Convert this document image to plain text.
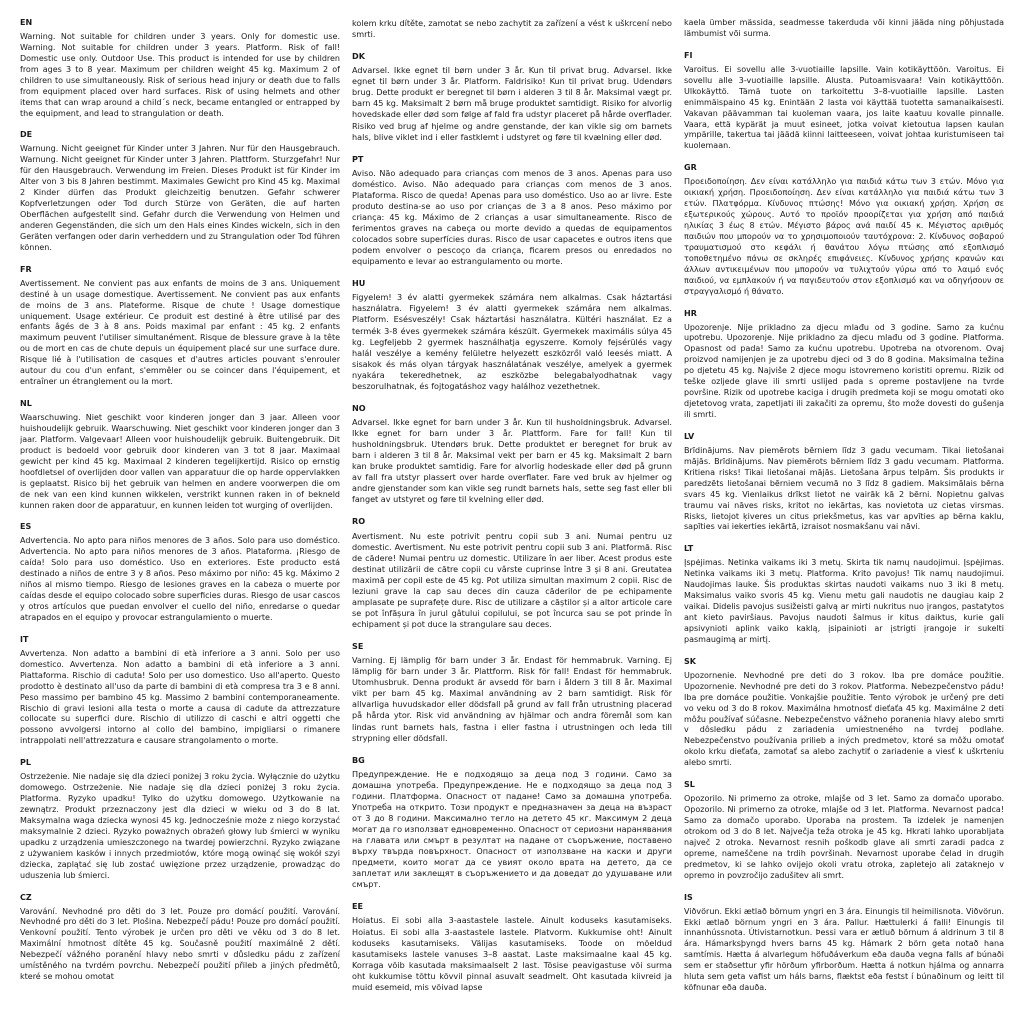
EN
Warning. Not suitable for children under 3 years. Only for domestic use. Warning. Not suitable for children under 3 years. Platform. Risk of fall! Domestic use only. Outdoor Use. This product is intended for use by children from ages 3 to 8 year. Maximum per children weight 45 kg. Maximum 2 of children to use simultaneously. Risk of serious head injury or death due to falls from equipment placed over hard surfaces. Risk of using helmets and other items that can wrap around a child´s neck, became entangled or entrapped by the equipment, and lead to strangulation or death.
DE
Warnung. Nicht geeignet für Kinder unter 3 Jahren. Nur für den Hausgebrauch. Warnung. Nicht geeignet für Kinder unter 3 Jahren. Plattform. Sturzgefahr! Nur für den Hausgebrauch. Verwendung im Freien. Dieses Produkt ist für Kinder im Alter von 3 bis 8 Jahren bestimmt. Maximales Gewicht pro Kind 45 kg. Maximal 2 Kinder dürfen das Produkt gleichzeitig benutzen. Gefahr schwerer Kopfverletzungen oder Tod durch Stürze von Geräten, die auf harten Oberflächen aufgestellt sind. Gefahr durch die Verwendung von Helmen und anderen Gegenständen, die sich um den Hals eines Kindes wickeln, sich in den Geräten verfangen oder darin verheddern und zu Strangulation oder Tod führen können.
FR
Avertissement. Ne convient pas aux enfants de moins de 3 ans. Uniquement destiné à un usage domestique. Avertissement. Ne convient pas aux enfants de moins de 3 ans. Plateforme. Risque de chute ! Usage domestique uniquement. Usage extérieur. Ce produit est destiné à être utilisé par des enfants âgés de 3 à 8 ans. Poids maximal par enfant : 45 kg. 2 enfants maximum peuvent l'utiliser simultanément. Risque de blessure grave à la tête ou de mort en cas de chute depuis un équipement placé sur une surface dure. Risque lié à l'utilisation de casques et d'autres articles pouvant s'enrouler autour du cou d'un enfant, s'emmêler ou se coincer dans l'équipement, et entraîner un étranglement ou la mort.
NL
Waarschuwing. Niet geschikt voor kinderen jonger dan 3 jaar. Alleen voor huishoudelijk gebruik. Waarschuwing. Niet geschikt voor kinderen jonger dan 3 jaar. Platform. Valgevaar! Alleen voor huishoudelijk gebruik. Buitengebruik. Dit product is bedoeld voor gebruik door kinderen van 3 tot 8 jaar. Maximaal gewicht per kind 45 kg. Maximaal 2 kinderen tegelijkertijd. Risico op ernstig hoofdletsel of overlijden door vallen van apparatuur die op harde oppervlakken is geplaatst. Risico bij het gebruik van helmen en andere voorwerpen die om de nek van een kind kunnen wikkelen, verstrikt kunnen raken in of bekneld kunnen raken door de apparatuur, en kunnen leiden tot wurging of overlijden.
ES
Advertencia. No apto para niños menores de 3 años. Solo para uso doméstico. Advertencia. No apto para niños menores de 3 años. Plataforma. ¡Riesgo de caída! Solo para uso doméstico. Uso en exteriores. Este producto está destinado a niños de entre 3 y 8 años. Peso máximo por niño: 45 kg. Máximo 2 niños al mismo tiempo. Riesgo de lesiones graves en la cabeza o muerte por caídas desde el equipo colocado sobre superficies duras. Riesgo de usar cascos y otros artículos que puedan envolver el cuello del niño, enredarse o quedar atrapados en el equipo y provocar estrangulamiento o muerte.
IT
Avvertenza. Non adatto a bambini di età inferiore a 3 anni. Solo per uso domestico. Avvertenza. Non adatto a bambini di età inferiore a 3 anni. Piattaforma. Rischio di caduta! Solo per uso domestico. Uso all'aperto. Questo prodotto è destinato all'uso da parte di bambini di età compresa tra 3 e 8 anni. Peso massimo per bambino 45 kg. Massimo 2 bambini contemporaneamente. Rischio di gravi lesioni alla testa o morte a causa di cadute da attrezzature collocate su superfici dure. Rischio di utilizzo di caschi e altri oggetti che possono avvolgersi intorno al collo del bambino, impigliarsi o rimanere intrappolati nell'attrezzatura e causare strangolamento o morte.
PL
Ostrzeżenie. Nie nadaje się dla dzieci poniżej 3 roku życia. Wyłącznie do użytku domowego. Ostrzeżenie. Nie nadaje się dla dzieci poniżej 3 roku życia. Platforma. Ryzyko upadku! Tylko do użytku domowego. Użytkowanie na zewnątrz. Produkt przeznaczony jest dla dzieci w wieku od 3 do 8 lat. Maksymalna waga dziecka wynosi 45 kg. Jednocześnie może z niego korzystać maksymalnie 2 dzieci. Ryzyko poważnych obrażeń głowy lub śmierci w wyniku upadku z urządzenia umieszczonego na twardej powierzchni. Ryzyko związane z używaniem kasków i innych przedmiotów, które mogą owinąć się wokół szyi dziecka, zaplątać się lub zostać uwięzione przez urządzenie, prowadząc do uduszenia lub śmierci.
CZ
Varování. Nevhodné pro děti do 3 let. Pouze pro domácí použití. Varování. Nevhodné pro děti do 3 let. Plošina. Nebezpečí pádu! Pouze pro domácí použití. Venkovní použití. Tento výrobek je určen pro děti ve věku od 3 do 8 let. Maximální hmotnost dítěte 45 kg. Současně použití maximálně 2 dětí. Nebezpečí vážného poranění hlavy nebo smrti v důsledku pádu z zařízení umístěného na tvrdém povrchu. Nebezpečí použití přileb a jiných předmětů, které se mohou omotat
kolem krku dítěte, zamotat se nebo zachytit za zařízení a vést k uškrcení nebo smrti.
DK
Advarsel. Ikke egnet til børn under 3 år. Kun til privat brug. Advarsel. Ikke egnet til børn under 3 år. Platform. Faldrisiko! Kun til privat brug. Udendørs brug. Dette produkt er beregnet til børn i alderen 3 til 8 år. Maksimal vægt pr. barn 45 kg. Maksimalt 2 børn må bruge produktet samtidigt. Risiko for alvorlig hovedskade eller død som følge af fald fra udstyr placeret på hårde overflader. Risiko ved brug af hjelme og andre genstande, der kan vikle sig om barnets hals, blive viklet ind i eller fastklemt i udstyret og føre til kvælning eller død.
PT
Aviso. Não adequado para crianças com menos de 3 anos. Apenas para uso doméstico. Aviso. Não adequado para crianças com menos de 3 anos. Plataforma. Risco de queda! Apenas para uso doméstico. Uso ao ar livre. Este produto destina-se ao uso por crianças de 3 a 8 anos. Peso máximo por criança: 45 kg. Máximo de 2 crianças a usar simultaneamente. Risco de ferimentos graves na cabeça ou morte devido a quedas de equipamentos colocados sobre superfícies duras. Risco de usar capacetes e outros itens que podem envolver o pescoço da criança, ficarem presos ou enredados no equipamento e levar ao estrangulamento ou morte.
HU
Figyelem! 3 év alatti gyermekek számára nem alkalmas. Csak háztartási használatra. Figyelem! 3 év alatti gyermekek számára nem alkalmas. Platform. Esésveszély! Csak háztartási használatra. Kültéri használat. Ez a termék 3-8 éves gyermekek számára készült. Gyermekek maximális súlya 45 kg. Legfeljebb 2 gyermek használhatja egyszerre. Komoly fejsérülés vagy halál veszélye a kemény felületre helyezett eszközről való leesés miatt. A sisakok és más olyan tárgyak használatának veszélye, amelyek a gyermek nyakára tekeredhetnek, az eszközbe belegabalyodhatnak vagy beszorulhatnak, és fojtogatáshoz vagy halálhoz vezethetnek.
NO
Advarsel. Ikke egnet for barn under 3 år. Kun til husholdningsbruk. Advarsel. Ikke egnet for barn under 3 år. Plattform. Fare for fall! Kun til husholdningsbruk. Utendørs bruk. Dette produktet er beregnet for bruk av barn i alderen 3 til 8 år. Maksimal vekt per barn er 45 kg. Maksimalt 2 barn kan bruke produktet samtidig. Fare for alvorlig hodeskade eller død på grunn av fall fra utstyr plassert over harde overflater. Fare ved bruk av hjelmer og andre gjenstander som kan vikle seg rundt barnets hals, sette seg fast eller bli fanget av utstyret og føre til kvelning eller død.
RO
Avertisment. Nu este potrivit pentru copii sub 3 ani. Numai pentru uz domestic. Avertisment. Nu este potrivit pentru copii sub 3 ani. Platformă. Risc de cădere! Numai pentru uz domestic. Utilizare în aer liber. Acest produs este destinat utilizării de către copii cu vârste cuprinse între 3 și 8 ani. Greutatea maximă per copil este de 45 kg. Pot utiliza simultan maximum 2 copii. Risc de leziuni grave la cap sau deces din cauza căderilor de pe echipamente amplasate pe suprafețe dure. Risc de utilizare a căștilor și a altor articole care se pot înfășura în jurul gâtului copilului, se pot încurca sau se pot prinde în echipament și pot duce la strangulare sau deces.
SE
Varning. Ej lämplig för barn under 3 år. Endast för hemmabruk. Varning. Ej lämplig för barn under 3 år. Plattform. Risk för fall! Endast för hemmabruk. Utomhusbruk. Denna produkt är avsedd för barn i åldern 3 till 8 år. Maximal vikt per barn 45 kg. Maximal användning av 2 barn samtidigt. Risk för allvarliga huvudskador eller dödsfall på grund av fall från utrustning placerad på hårda ytor. Risk vid användning av hjälmar och andra föremål som kan lindas runt barnets hals, fastna i eller fastna i utrustningen och leda till strypning eller dödsfall.
BG
Предупреждение. Не е подходящо за деца под 3 години. Само за домашна употреба. Предупреждение. Не е подходящо за деца под 3 години. Платформа. Опасност от падане! Само за домашна употреба. Употреба на открито. Този продукт е предназначен за деца на възраст от 3 до 8 години. Максимално тегло на детето 45 кг. Максимум 2 деца могат да го използват едновременно. Опасност от сериозни наранявания на главата или смърт в резултат на падане от съоръжение, поставено върху твърда повърхност. Опасност от използване на каски и други предмети, които могат да се увият около врата на детето, да се заплетат или заклещят в съоръжението и да доведат до удушаване или смърт.
EE
Hoiatus. Ei sobi alla 3-aastastele lastele. Ainult koduseks kasutamiseks. Hoiatus. Ei sobi alla 3-aastastele lastele. Platvorm. Kukkumise oht! Ainult koduseks kasutamiseks. Välijas kasutamiseks. Toode on mõeldud kasutamiseks lastele vanuses 3–8 aastat. Laste maksimaalne kaal 45 kg. Korraga võib kasutada maksimaalselt 2 last. Tõsise peavigastuse või surma oht kukkumise tõttu kõvvil pinnal asuvalt seadmelt. Oht kasutada kiivreid ja muid esemeid, mis võivad lapse
kaela ümber mässida, seadmesse takerduda või kinni jääda ning põhjustada lämbumist või surma.
FI
Varoitus. Ei sovellu alle 3-vuotiaille lapsille. Vain kotikäyttöön. Varoitus. Ei sovellu alle 3-vuotiaille lapsille. Alusta. Putoamisvaara! Vain kotikäyttöön. Ulkokäyttö. Tämä tuote on tarkoitettu 3–8-vuotiaille lapsille. Lasten enimmäispaino 45 kg. Enintään 2 lasta voi käyttää tuotetta samanaikaisesti. Vakavan päävamman tai kuoleman vaara, jos laite kaatuu kovalle pinnalle. Vaara, että kypärät ja muut esineet, jotka voivat kietoutua lapsen kaulan ympärille, takertua tai jäädä kiinni laitteeseen, voivat johtaa kuristumiseen tai kuolemaan.
GR
Προειδοποίηση. Δεν είναι κατάλληλο για παιδιά κάτω των 3 ετών. Μόνο για οικιακή χρήση. Προειδοποίηση. Δεν είναι κατάλληλο για παιδιά κάτω των 3 ετών. Πλατφόρμα. Κίνδυνος πτώσης! Μόνο για οικιακή χρήση. Χρήση σε εξωτερικούς χώρους. Αυτό το προϊόν προορίζεται για χρήση από παιδιά ηλικίας 3 έως 8 ετών. Μέγιστο βάρος ανά παιδί 45 κ. Μέγιστος αριθμός παιδιών που μπορούν να το χρησιμοποιούν ταυτόχρονα: 2. Κίνδυνος σοβαρού τραυματισμού στο κεφάλι ή θανάτου λόγω πτώσης από εξοπλισμό τοποθετημένο πάνω σε σκληρές επιφάνειες. Κίνδυνος χρήσης κρανών και άλλων αντικειμένων που μπορούν να τυλιχτούν γύρω από το λαιμό ενός παιδιού, να εμπλακούν ή να παγιδευτούν στον εξοπλισμό και να οδηγήσουν σε στραγγαλισμό ή θάνατο.
HR
Upozorenje. Nije prikladno za djecu mlađu od 3 godine. Samo za kućnu upotrebu. Upozorenje. Nije prikladno za djecu mlađu od 3 godine. Platforma. Opasnost od pada! Samo za kućnu upotrebu. Upotreba na otvorenom. Ovaj proizvod namijenjen je za upotrebu djeci od 3 do 8 godina. Maksimalna težina po djetetu 45 kg. Najviše 2 djece mogu istovremeno koristiti opremu. Rizik od teške ozljede glave ili smrti uslijed pada s opreme postavljene na tvrde površine. Rizik od upotrebe kaciga i drugih predmeta koji se mogu omotati oko djetetovog vrata, zapetljati ili zakačiti za opremu, što može dovesti do gušenja ili smrti.
LV
Brīdinājums. Nav piemērots bērniem līdz 3 gadu vecumam. Tikai lietošanai mājās. Brīdinājums. Nav piemērots bērniem līdz 3 gadu vecumam. Platforma. Kritiena risks! Tikai lietošanai mājās. Lietošana ārpus telpām. Šis produkts ir paredzēts lietošanai bērniem vecumā no 3 līdz 8 gadiem. Maksimālais bērna svars 45 kg. Vienlaikus drīkst lietot ne vairāk kā 2 bērni. Nopietnu galvas traumu vai nāves risks, kritot no iekārtas, kas novietota uz cietas virsmas. Risks, lietojot ķiveres un citus priekšmetus, kas var apvīties ap bērna kaklu, sapīties vai iekerties iekārtā, izraisot nosmakšanu vai nāvi.
LT
Įspėjimas. Netinka vaikams iki 3 metų. Skirta tik namų naudojimui. Įspėjimas. Netinka vaikams iki 3 metų. Platforma. Krito pavojus! Tik namų naudojimui. Naudojimas lauke. Šis produktas skirtas naudoti vaikams nuo 3 iki 8 metų. Maksimalus vaiko svoris 45 kg. Vienu metu gali naudotis ne daugiau kaip 2 vaikai. Didelis pavojus susižeisti galvą ar mirti nukritus nuo įrangos, pastatytos ant kieto paviršiaus. Pavojus naudoti šalmus ir kitus daiktus, kurie gali apsivynioti aplink vaiko kaklą, įsipainioti ar įstrigti įrangoje ir sukelti pasmaugimą ar mirtį.
SK
Upozornenie. Nevhodné pre deti do 3 rokov. Iba pre domáce použitie. Upozornenie. Nevhodné pre deti do 3 rokov. Platforma. Nebezpečenstvo pádu! Iba pre domáce použitie. Vonkajšie použitie. Tento výrobok je určený pre deti vo veku od 3 do 8 rokov. Maximálna hmotnosť dieťaťa 45 kg. Maximálne 2 deti môžu používať súčasne. Nebezpečenstvo vážneho poranenia hlavy alebo smrti v dôsledku pádu z zariadenia umiestneného na tvrdej podlahe. Nebezpečenstvo používania prilieb a iných predmetov, ktoré sa môžu omotať okolo krku dieťaťa, zamotať sa alebo zachytiť o zariadenie a viesť k uškrteniu alebo smrti.
SL
Opozorilo. Ni primerno za otroke, mlajše od 3 let. Samo za domačo uporabo. Opozorilo. Ni primerno za otroke, mlajše od 3 let. Platforma. Nevarnost padca! Samo za domačo uporabo. Uporaba na prostem. Ta izdelek je namenjen otrokom od 3 do 8 let. Največja teža otroka je 45 kg. Hkrati lahko uporabljata največ 2 otroka. Nevarnost resnih poškodb glave ali smrti zaradi padca z opreme, nameščene na trdih površinah. Nevarnost uporabe čelad in drugih predmetov, ki se lahko ovijejo okoli vratu otroka, zapletejo ali zataknejo v opremo in povzročijo zadušitev ali smrt.
IS
Viðvörun. Ekki ætlað börnum yngri en 3 ára. Einungis til heimilisnota. Viðvörun. Ekki ætlað börnum yngri en 3 ára. Pallur. Hættulerki á falli! Einungis til innanhússnota. Útivistarnotkun. Þessi vara er ætluð börnum á aldrinum 3 til 8 ára. Hámarksþyngd hvers barns 45 kg. Hámark 2 börn geta notað hana samtímis. Hætta á alvarlegum höfuðáverkum eða dauða vegna falls af búnaði sem er staðsettur yfir hörðum yfirborðum. Hætta á notkun hjálma og annarra hluta sem geta vafist um háls barns, flæktst eða festst í búnaðinum og leitt til köfnunar eða dauða.
